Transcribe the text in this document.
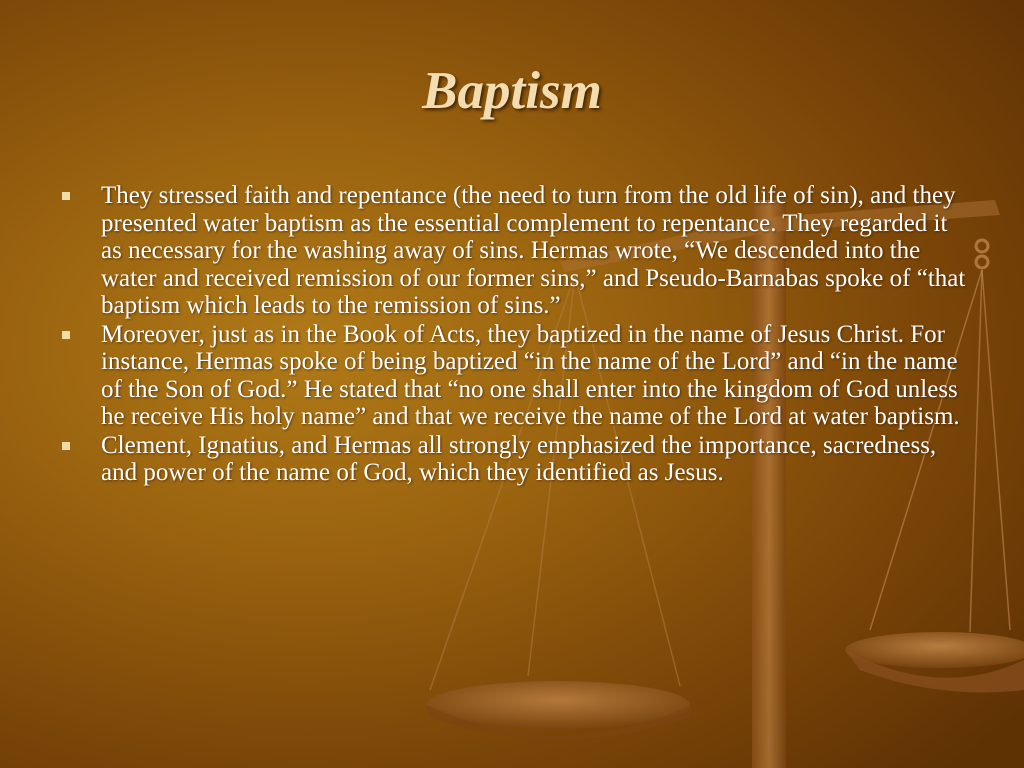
Baptism
They stressed faith and repentance (the need to turn from the old life of sin), and they presented water baptism as the essential complement to repentance. They regarded it as necessary for the washing away of sins. Hermas wrote, “We descended into the water and received remission of our former sins,” and Pseudo-Barnabas spoke of “that baptism which leads to the remission of sins.”
Moreover, just as in the Book of Acts, they baptized in the name of Jesus Christ. For instance, Hermas spoke of being baptized “in the name of the Lord” and “in the name of the Son of God.” He stated that “no one shall enter into the kingdom of God unless he receive His holy name” and that we receive the name of the Lord at water baptism.
Clement, Ignatius, and Hermas all strongly emphasized the importance, sacredness, and power of the name of God, which they identified as Jesus.
